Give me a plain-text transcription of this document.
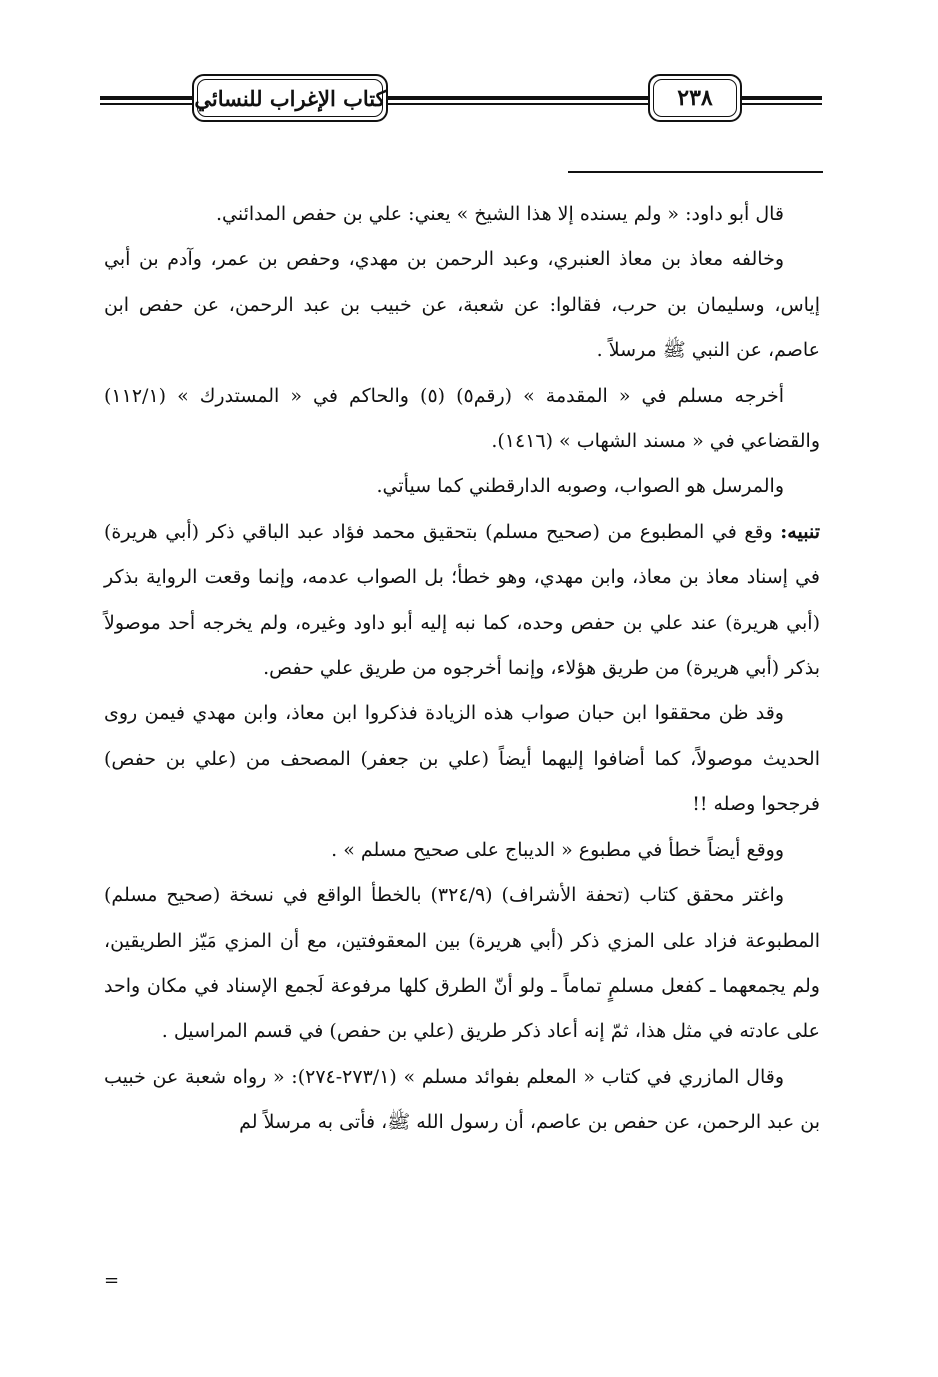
كتاب الإغراب للنسائي	٢٣٨

قال أبو داود: « ولم يسنده إلا هذا الشيخ » يعني: علي بن حفص المدائني.

وخالفه معاذ بن معاذ العنبري، وعبد الرحمن بن مهدي، وحفص بن عمر، وآدم بن أبي إياس، وسليمان بن حرب، فقالوا: عن شعبة، عن خبيب بن عبد الرحمن، عن حفص ابن عاصم، عن النبي ﷺ مرسلاً .

أخرجه مسلم في « المقدمة » (رقم٥) (٥) والحاكم في « المستدرك » (١١٢/١) والقضاعي في « مسند الشهاب » (١٤١٦).

والمرسل هو الصواب، وصوبه الدارقطني كما سيأتي.

تنبيه: وقع في المطبوع من (صحيح مسلم) بتحقيق محمد فؤاد عبد الباقي ذكر (أبي هريرة) في إسناد معاذ بن معاذ، وابن مهدي، وهو خطأ؛ بل الصواب عدمه، وإنما وقعت الرواية بذكر (أبي هريرة) عند علي بن حفص وحده، كما نبه إليه أبو داود وغيره، ولم يخرجه أحد موصولاً بذكر (أبي هريرة) من طريق هؤلاء، وإنما أخرجوه من طريق علي حفص.

وقد ظن محققوا ابن حبان صواب هذه الزيادة فذكروا ابن معاذ، وابن مهدي فيمن روى الحديث موصولاً، كما أضافوا إليهما أيضاً (علي بن جعفر) المصحف من (علي بن حفص) فرجحوا وصله !!

ووقع أيضاً خطأ في مطبوع « الديباج على صحيح مسلم » .

واغتر محقق كتاب (تحفة الأشراف) (٣٢٤/٩) بالخطأ الواقع في نسخة (صحيح مسلم) المطبوعة فزاد على المزي ذكر (أبي هريرة) بين المعقوفتين، مع أن المزي مَيّز الطريقين، ولم يجمعهما ـ كفعل مسلمٍ تماماً ـ ولو أنّ الطرق كلها مرفوعة لَجمع الإسناد في مكان واحد على عادته في مثل هذا، ثمّ إنه أعاد ذكر طريق (علي بن حفص) في قسم المراسيل .

وقال المازري في كتاب « المعلم بفوائد مسلم » (٢٧٣/١-٢٧٤): « رواه شعبة عن خبيب بن عبد الرحمن، عن حفص بن عاصم، أن رسول الله ﷺ، فأتى به مرسلاً لم

=
